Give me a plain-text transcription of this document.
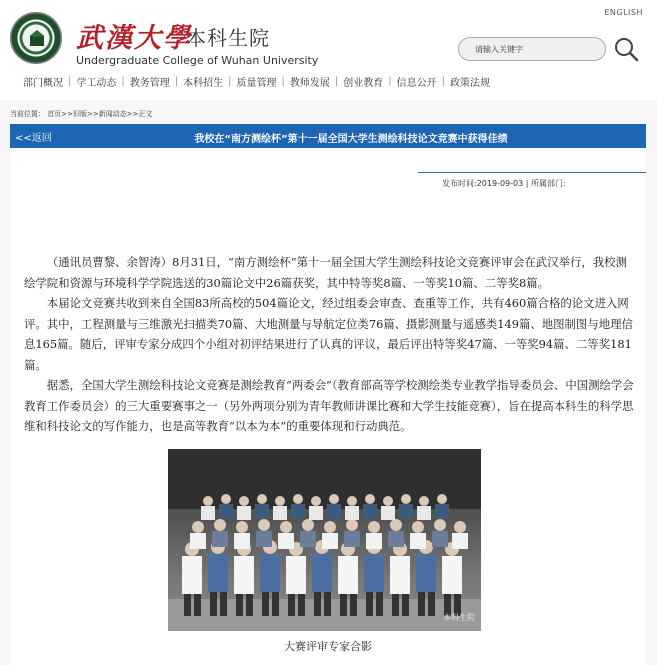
ENGLISH
武漢大學
本科生院
Undergraduate College of Wuhan University
请输入关键字
部门概况 | 学工动态 | 教务管理 | 本科招生 | 质量管理 | 教师发展 | 创业教育 | 信息公开 | 政策法规
当前位置： 首页>>旧版>>新闻动态>>正文
<<返回	我校在“南方测绘杯”第十一届全国大学生测绘科技论文竞赛中获得佳绩
发布时间:2019-09-03 | 所属部门:

（通讯员曹黎、余智涛）8月31日，“南方测绘杯”第十一届全国大学生测绘科技论文竞赛评审会在武汉举行，我校测绘学院和资源与环境科学学院选送的30篇论文中26篇获奖，其中特等奖8篇、一等奖10篇、二等奖8篇。

本届论文竞赛共收到来自全国83所高校的504篇论文，经过组委会审查、查重等工作，共有460篇合格的论文进入网评。其中，工程测量与三维激光扫描类70篇、大地测量与导航定位类76篇、摄影测量与遥感类149篇、地图制图与地理信息165篇。随后，评审专家分成四个小组对初评结果进行了认真的评议，最后评出特等奖47篇、一等奖94篇、二等奖181篇。

据悉，全国大学生测绘科技论文竞赛是测绘教育“两委会”（教育部高等学校测绘类专业教学指导委员会、中国测绘学会教育工作委员会）的三大重要赛事之一（另外两项分别为青年教师讲课比赛和大学生技能竞赛），旨在提高本科生的科学思维和科技论文的写作能力，也是高等教育“以本为本”的重要体现和行动典范。

本科生院
大赛评审专家合影
